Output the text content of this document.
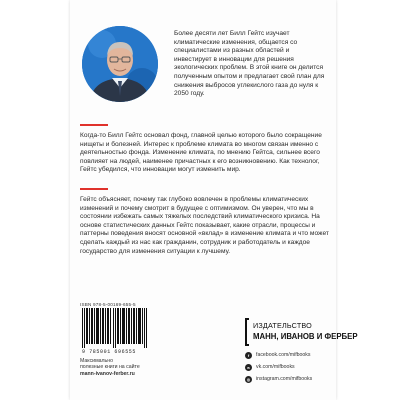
Более десяти лет Билл Гейтс изучает климатические изменения, общается со специалистами из разных областей и инвестирует в инновации для решения экологических проблем. В этой книге он делится полученным опытом и предлагает свой план для снижения выбросов углекислого газа до нуля к 2050 году.
Когда-то Билл Гейтс основал фонд, главной целью которого было сокращение нищеты и болезней. Интерес к проблеме климата во многом связан именно с деятельностью фонда. Изменение климата, по мнению Гейтса, сильнее всего повлияет на людей, наименее причастных к его возникновению. Как технолог, Гейтс убедился, что инновации могут изменить мир.
Гейтс объясняет, почему так глубоко вовлечен в проблемы климатических изменений и почему смотрит в будущее с оптимизмом. Он уверен, что мы в состоянии избежать самых тяжелых последствий климатического кризиса. На основе статистических данных Гейтс показывает, какие отрасли, процессы и паттерны поведения вносят основной «вклад» в изменение климата и что может сделать каждый из нас как гражданин, сотрудник и работодатель и каждое государство для изменения ситуации к лучшему.
ISBN 978-5-00169-655-5
9 785001 696555
Максимально
полезные книги на сайте
mann-ivanov-ferber.ru
ИЗДАТЕЛЬСТВО
МАНН, ИВАНОВ И ФЕРБЕР
f	facebook.com/mifbooks
в	vk.com/mifbooks
◎	instagram.com/mifbooks
